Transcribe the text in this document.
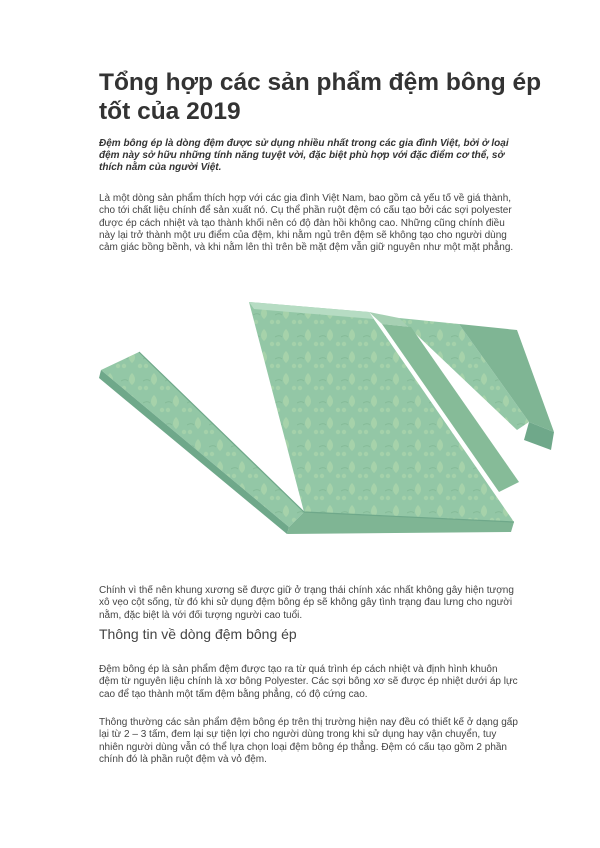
Tổng hợp các sản phẩm đệm bông ép tốt của 2019

Đệm bông ép là dòng đệm được sử dụng nhiều nhất trong các gia đình Việt, bởi ở loại đệm này sở hữu những tính năng tuyệt vời, đặc biệt phù hợp với đặc điểm cơ thể, sở thích nằm của người Việt.

Là một dòng sản phẩm thích hợp với các gia đình Việt Nam, bao gồm cả yếu tố về giá thành, cho tới chất liệu chính để sản xuất nó. Cụ thể phần ruột đệm có cấu tạo bởi các sợi polyester được ép cách nhiệt và tạo thành khối nên có độ đàn hồi không cao. Những cũng chính điều này lại trở thành một ưu điểm của đệm, khi nằm ngủ trên đệm sẽ không tạo cho người dùng cảm giác bồng bềnh, và khi nằm lên thì trên bề mặt đệm vẫn giữ nguyên như một mặt phẳng.

Chính vì thế nên khung xương sẽ được giữ ở trạng thái chính xác nhất không gây hiện tượng xô vẹo cột sống, từ đó khi sử dụng đệm bông ép sẽ không gây tình trạng đau lưng cho người nằm, đặc biệt là với đối tượng người cao tuổi.

Thông tin về dòng đệm bông ép

Đệm bông ép là sản phẩm đệm được tạo ra từ quá trình ép cách nhiệt và định hình khuôn đệm từ nguyên liệu chính là xơ bông Polyester. Các sợi bông xơ sẽ được ép nhiệt dưới áp lực cao để tạo thành một tấm đệm bằng phẳng, có độ cứng cao.

Thông thường các sản phẩm đệm bông ép trên thị trường hiện nay đều có thiết kế ở dạng gấp lại từ 2 – 3 tấm, đem lại sự tiện lợi cho người dùng trong khi sử dụng hay vận chuyển, tuy nhiên người dùng vẫn có thể lựa chọn loại đệm bông ép thẳng. Đệm có cấu tạo gồm 2 phần chính đó là phần ruột đệm và vỏ đệm.
